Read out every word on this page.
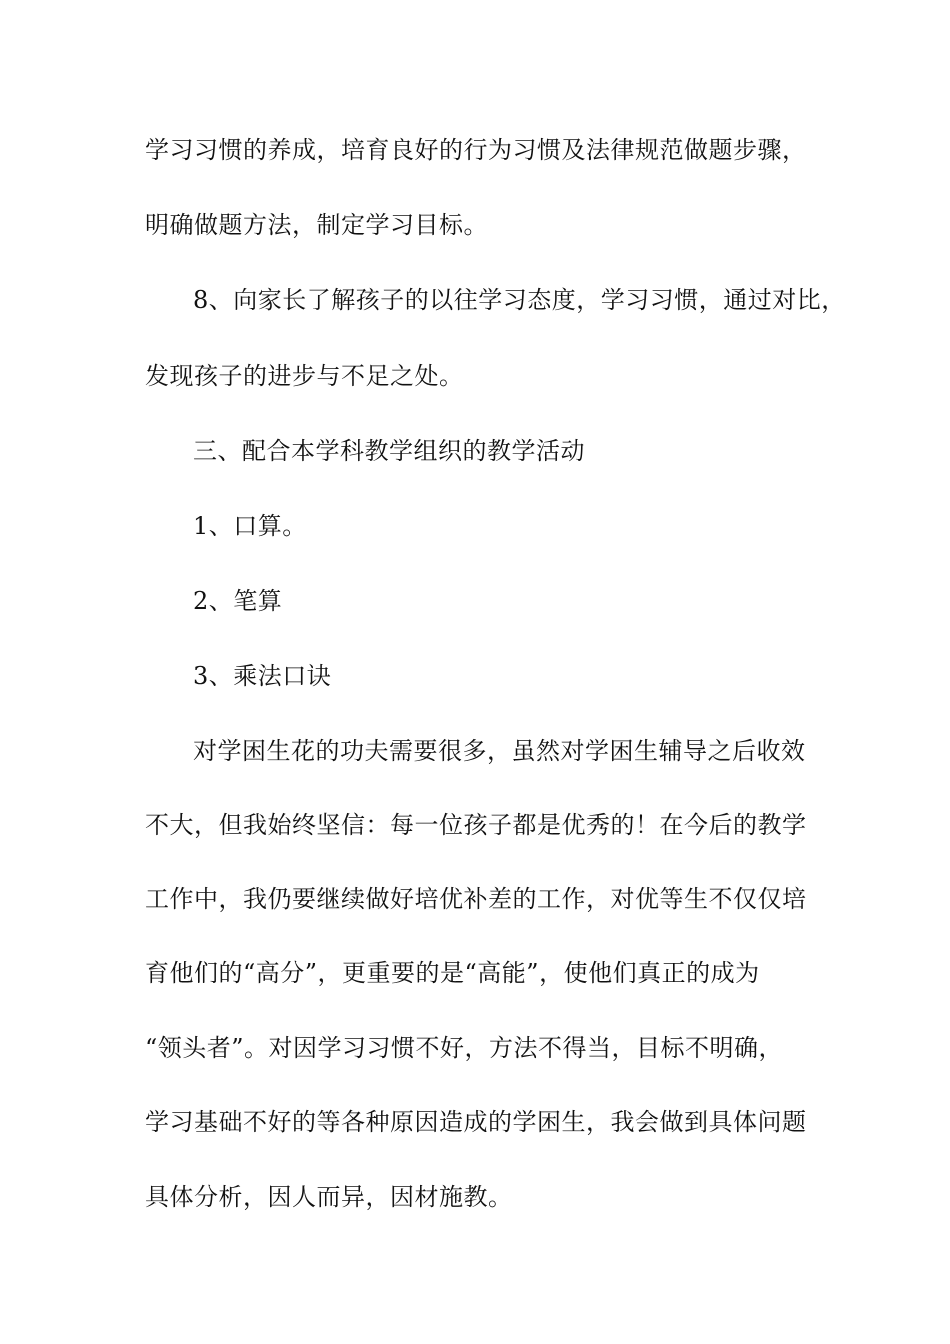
学习习惯的养成，培育良好的行为习惯及法律规范做题步骤，
明确做题方法，制定学习目标。
8、向家长了解孩子的以往学习态度，学习习惯，通过对比，
发现孩子的进步与不足之处。
三、配合本学科教学组织的教学活动
1、口算。
2、笔算
3、乘法口诀
对学困生花的功夫需要很多，虽然对学困生辅导之后收效
不大，但我始终坚信：每一位孩子都是优秀的！在今后的教学
工作中，我仍要继续做好培优补差的工作，对优等生不仅仅培
育他们的“高分”，更重要的是“高能”，使他们真正的成为
“领头者”。对因学习习惯不好，方法不得当，目标不明确，
学习基础不好的等各种原因造成的学困生，我会做到具体问题
具体分析，因人而异，因材施教。
